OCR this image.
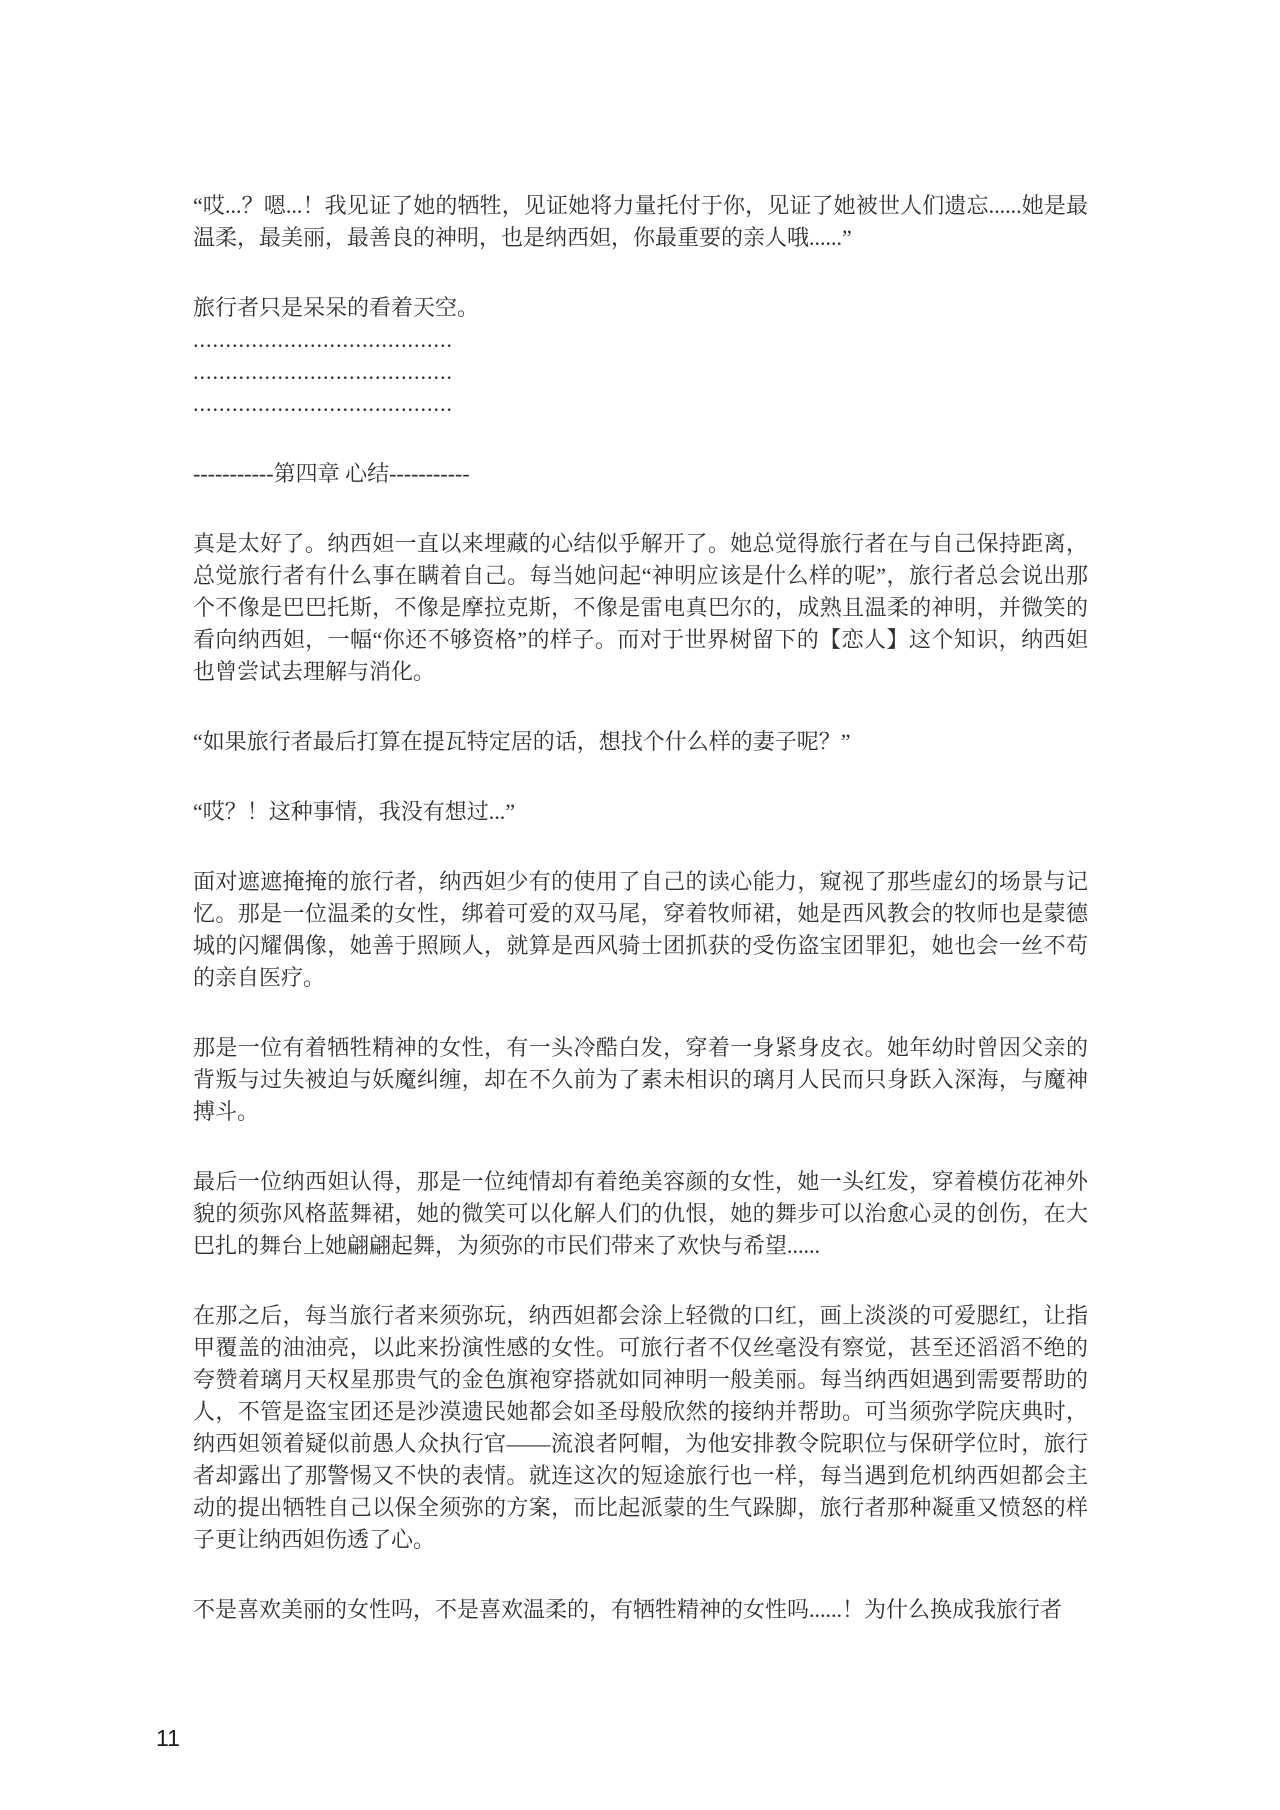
“哎...？嗯...！我见证了她的牺牲，见证她将力量托付于你，见证了她被世人们遗忘......她是最温柔，最美丽，最善良的神明，也是纳西妲，你最重要的亲人哦......”

旅行者只是呆呆的看着天空。

........................................

........................................

........................................

-----------第四章 心结-----------

真是太好了。纳西妲一直以来埋藏的心结似乎解开了。她总觉得旅行者在与自己保持距离，总觉旅行者有什么事在瞒着自己。每当她问起“神明应该是什么样的呢”，旅行者总会说出那个不像是巴巴托斯，不像是摩拉克斯，不像是雷电真巴尔的，成熟且温柔的神明，并微笑的看向纳西妲，一幅“你还不够资格”的样子。而对于世界树留下的【恋人】这个知识，纳西妲也曾尝试去理解与消化。

“如果旅行者最后打算在提瓦特定居的话，想找个什么样的妻子呢？”

“哎？！这种事情，我没有想过...”

面对遮遮掩掩的旅行者，纳西妲少有的使用了自己的读心能力，窥视了那些虚幻的场景与记忆。那是一位温柔的女性，绑着可爱的双马尾，穿着牧师裙，她是西风教会的牧师也是蒙德城的闪耀偶像，她善于照顾人，就算是西风骑士团抓获的受伤盗宝团罪犯，她也会一丝不苟的亲自医疗。

那是一位有着牺牲精神的女性，有一头冷酷白发，穿着一身紧身皮衣。她年幼时曾因父亲的背叛与过失被迫与妖魔纠缠，却在不久前为了素未相识的璃月人民而只身跃入深海，与魔神搏斗。

最后一位纳西妲认得，那是一位纯情却有着绝美容颜的女性，她一头红发，穿着模仿花神外貌的须弥风格蓝舞裙，她的微笑可以化解人们的仇恨，她的舞步可以治愈心灵的创伤，在大巴扎的舞台上她翩翩起舞，为须弥的市民们带来了欢快与希望......

在那之后，每当旅行者来须弥玩，纳西妲都会涂上轻微的口红，画上淡淡的可爱腮红，让指甲覆盖的油油亮，以此来扮演性感的女性。可旅行者不仅丝毫没有察觉，甚至还滔滔不绝的夸赞着璃月天权星那贵气的金色旗袍穿搭就如同神明一般美丽。每当纳西妲遇到需要帮助的人，不管是盗宝团还是沙漠遗民她都会如圣母般欣然的接纳并帮助。可当须弥学院庆典时，纳西妲领着疑似前愚人众执行官——流浪者阿帽，为他安排教令院职位与保研学位时，旅行者却露出了那警惕又不快的表情。就连这次的短途旅行也一样，每当遇到危机纳西妲都会主动的提出牺牲自己以保全须弥的方案，而比起派蒙的生气跺脚，旅行者那种凝重又愤怒的样子更让纳西妲伤透了心。

不是喜欢美丽的女性吗，不是喜欢温柔的，有牺牲精神的女性吗......！为什么换成我旅行者

11
